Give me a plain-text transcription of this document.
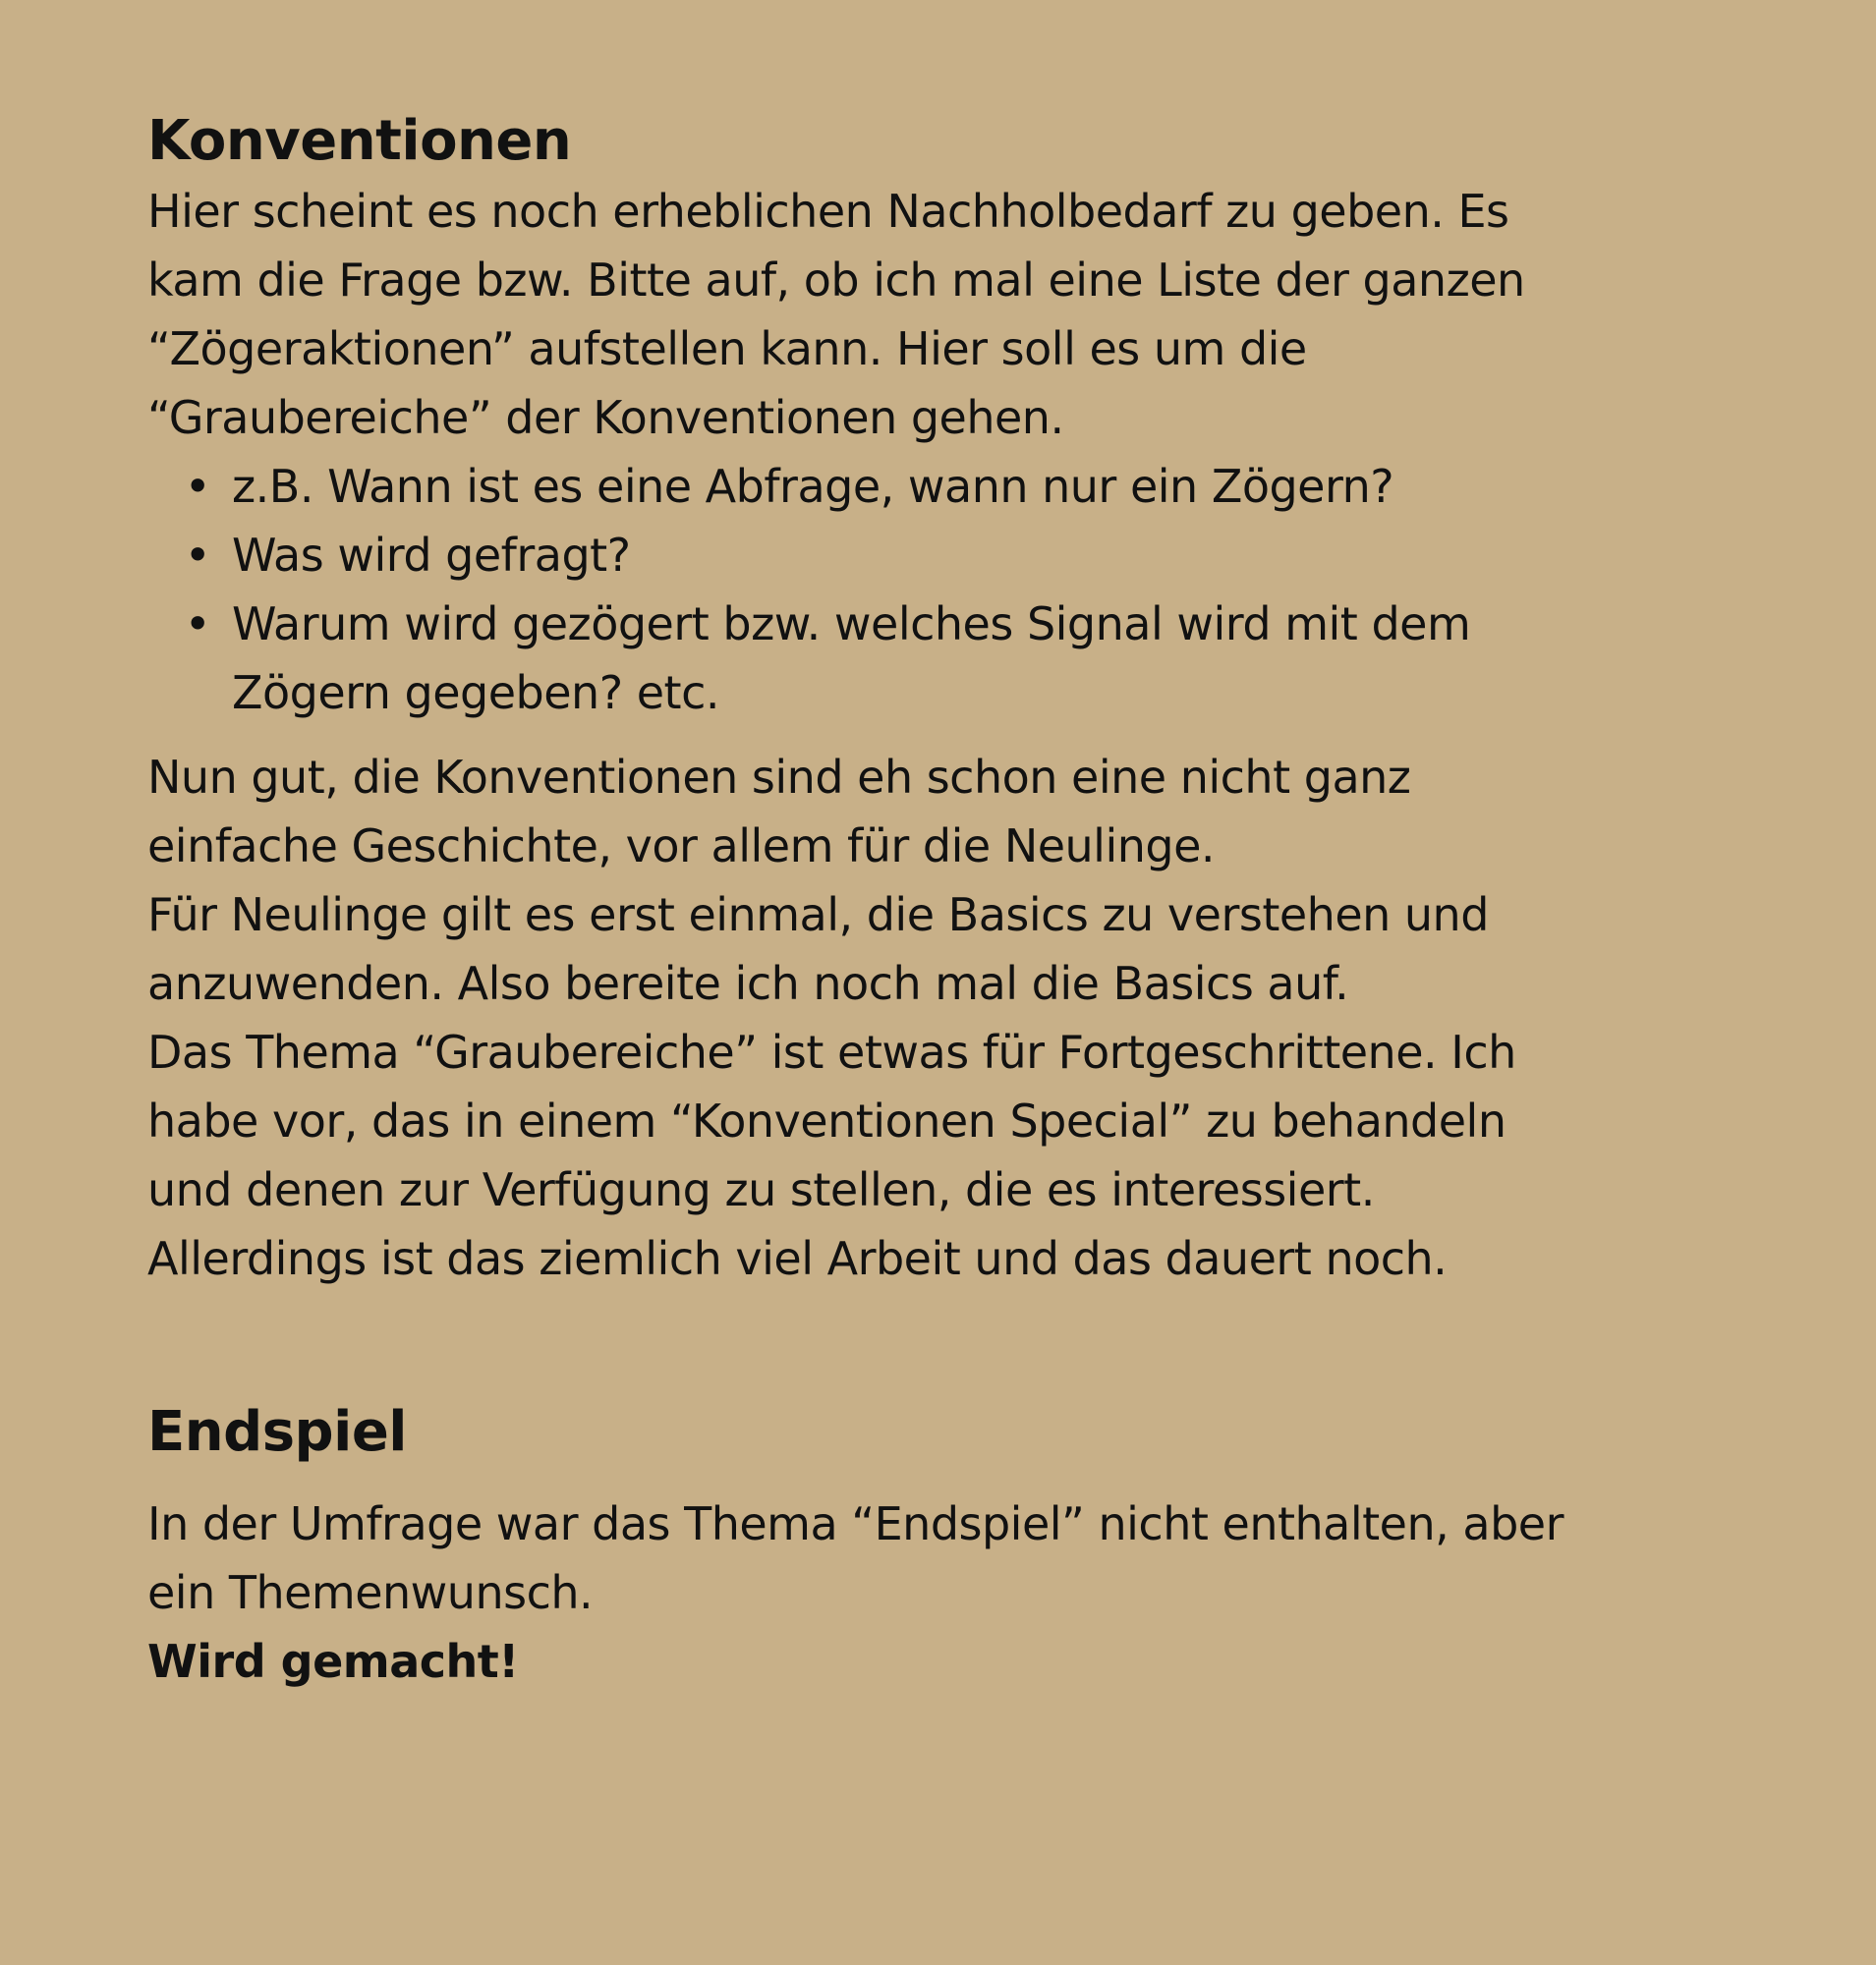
Konventionen

Hier scheint es noch erheblichen Nachholbedarf zu geben. Es

kam die Frage bzw. Bitte auf, ob ich mal eine Liste der ganzen

“Zögeraktionen” aufstellen kann. Hier soll es um die

“Graubereiche” der Konventionen gehen.

• z.B. Wann ist es eine Abfrage, wann nur ein Zögern?
• Was wird gefragt?
• Warum wird gezögert bzw. welches Signal wird mit dem
Zögern gegeben? etc.

Nun gut, die Konventionen sind eh schon eine nicht ganz

einfache Geschichte, vor allem für die Neulinge.

Für Neulinge gilt es erst einmal, die Basics zu verstehen und

anzuwenden. Also bereite ich noch mal die Basics auf.

Das Thema “Graubereiche” ist etwas für Fortgeschrittene. Ich

habe vor, das in einem “Konventionen Special” zu behandeln

und denen zur Verfügung zu stellen, die es interessiert.

Allerdings ist das ziemlich viel Arbeit und das dauert noch.

Endspiel

In der Umfrage war das Thema “Endspiel” nicht enthalten, aber

ein Themenwunsch.

Wird gemacht!
